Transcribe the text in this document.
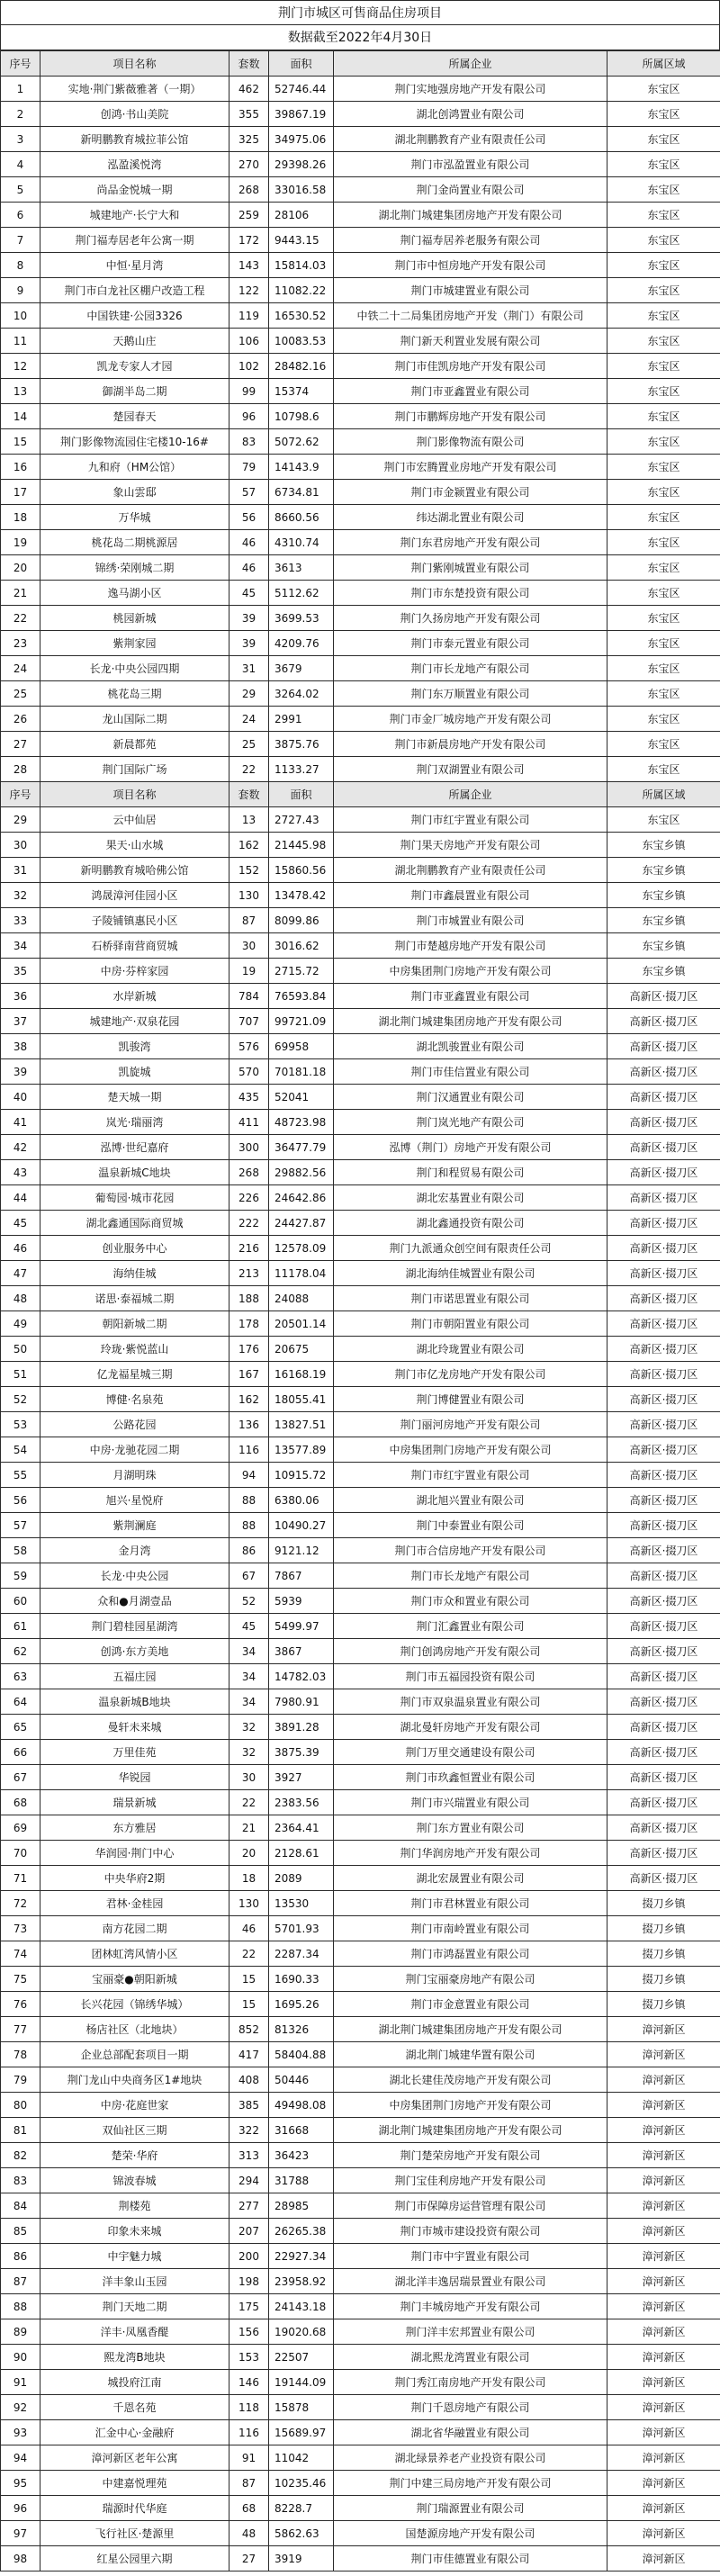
荆门市城区可售商品住房项目
数据截至2022年4月30日
序号	项目名称	套数	面积	所属企业	所属区域
1	实地·荆门紫薇雅著（一期）	462	52746.44	荆门实地强房地产开发有限公司	东宝区
2	创鸿·书山美院	355	39867.19	湖北创鸿置业有限公司	东宝区
3	新明鹏教育城拉菲公馆	325	34975.06	湖北荆鹏教育产业有限责任公司	东宝区
4	泓盈溪悦湾	270	29398.26	荆门市泓盈置业有限公司	东宝区
5	尚品金悦城一期	268	33016.58	荆门金尚置业有限公司	东宝区
6	城建地产·长宁大和	259	28106	湖北荆门城建集团房地产开发有限公司	东宝区
7	荆门福寿居老年公寓一期	172	9443.15	荆门福寿居养老服务有限公司	东宝区
8	中恒·星月湾	143	15814.03	荆门市中恒房地产开发有限公司	东宝区
9	荆门市白龙社区棚户改造工程	122	11082.22	荆门市城建置业有限公司	东宝区
10	中国铁建·公园3326	119	16530.52	中铁二十二局集团房地产开发（荆门）有限公司	东宝区
11	天鹅山庄	106	10083.53	荆门新天利置业发展有限公司	东宝区
12	凯龙专家人才园	102	28482.16	荆门市佳凯房地产开发有限公司	东宝区
13	御湖半岛二期	99	15374	荆门市亚鑫置业有限公司	东宝区
14	楚园春天	96	10798.6	荆门市鹏辉房地产开发有限公司	东宝区
15	荆门影像物流园住宅楼10-16#	83	5072.62	荆门影像物流有限公司	东宝区
16	九和府（HM公馆）	79	14143.9	荆门市宏腾置业房地产开发有限公司	东宝区
17	象山雲邸	57	6734.81	荆门市金颍置业有限公司	东宝区
18	万华城	56	8660.56	纬达湖北置业有限公司	东宝区
19	桃花岛二期桃源居	46	4310.74	荆门东君房地产开发有限公司	东宝区
20	锦绣·荣刚城二期	46	3613	荆门紫刚城置业有限公司	东宝区
21	逸马湖小区	45	5112.62	荆门市东楚投资有限公司	东宝区
22	桃园新城	39	3699.53	荆门久扬房地产开发有限公司	东宝区
23	紫荆家园	39	4209.76	荆门市泰元置业有限公司	东宝区
24	长龙·中央公园四期	31	3679	荆门市长龙地产有限公司	东宝区
25	桃花岛三期	29	3264.02	荆门东万顺置业有限公司	东宝区
26	龙山国际二期	24	2991	荆门市金厂城房地产开发有限公司	东宝区
27	新晨都苑	25	3875.76	荆门市新晨房地产开发有限公司	东宝区
28	荆门国际广场	22	1133.27	荆门双湖置业有限公司	东宝区
序号	项目名称	套数	面积	所属企业	所属区域
29	云中仙居	13	2727.43	荆门市红宇置业有限公司	东宝区
30	果天·山水城	162	21445.98	荆门果天房地产开发有限公司	东宝乡镇
31	新明鹏教育城哈佛公馆	152	15860.56	湖北荆鹏教育产业有限责任公司	东宝乡镇
32	鸿晟漳河佳园小区	130	13478.42	荆门市鑫晨置业有限公司	东宝乡镇
33	子陵铺镇惠民小区	87	8099.86	荆门市城置业有限公司	东宝乡镇
34	石桥驿南营商贸城	30	3016.62	荆门市楚越房地产开发有限公司	东宝乡镇
35	中房·芬梓家园	19	2715.72	中房集团荆门房地产开发有限公司	东宝乡镇
36	水岸新城	784	76593.84	荆门市亚鑫置业有限公司	高新区·掇刀区
37	城建地产·双泉花园	707	99721.09	湖北荆门城建集团房地产开发有限公司	高新区·掇刀区
38	凯骏湾	576	69958	湖北凯骏置业有限公司	高新区·掇刀区
39	凯旋城	570	70181.18	荆门市佳信置业有限公司	高新区·掇刀区
40	楚天城一期	435	52041	荆门汉通置业有限公司	高新区·掇刀区
41	岚光·瑞丽湾	411	48723.98	荆门岚光地产有限公司	高新区·掇刀区
42	泓博·世纪嘉府	300	36477.79	泓博（荆门）房地产开发有限公司	高新区·掇刀区
43	温泉新城C地块	268	29882.56	荆门和程贸易有限公司	高新区·掇刀区
44	葡萄园·城市花园	226	24642.86	湖北宏基置业有限公司	高新区·掇刀区
45	湖北鑫通国际商贸城	222	24427.87	湖北鑫通投资有限公司	高新区·掇刀区
46	创业服务中心	216	12578.09	荆门九派通众创空间有限责任公司	高新区·掇刀区
47	海纳佳城	213	11178.04	湖北海纳佳城置业有限公司	高新区·掇刀区
48	诺思·泰福城二期	188	24088	荆门市诺思置业有限公司	高新区·掇刀区
49	朝阳新城二期	178	20501.14	荆门市朝阳置业有限公司	高新区·掇刀区
50	玲珑·紫悦蓝山	176	20675	湖北玲珑置业有限公司	高新区·掇刀区
51	亿龙福星城三期	167	16168.19	荆门市亿龙房地产开发有限公司	高新区·掇刀区
52	博健·名泉苑	162	18055.41	荆门博健置业有限公司	高新区·掇刀区
53	公路花园	136	13827.51	荆门丽河房地产开发有限公司	高新区·掇刀区
54	中房·龙驰花园二期	116	13577.89	中房集团荆门房地产开发有限公司	高新区·掇刀区
55	月湖明珠	94	10915.72	荆门市红宇置业有限公司	高新区·掇刀区
56	旭兴·星悦府	88	6380.06	湖北旭兴置业有限公司	高新区·掇刀区
57	紫荆澜庭	88	10490.27	荆门中泰置业有限公司	高新区·掇刀区
58	金月湾	86	9121.12	荆门市合信房地产开发有限公司	高新区·掇刀区
59	长龙·中央公园	67	7867	荆门市长龙地产有限公司	高新区·掇刀区
60	众和●月湖壹品	52	5939	荆门市众和置业有限公司	高新区·掇刀区
61	荆门碧桂园星湖湾	45	5499.97	荆门汇鑫置业有限公司	高新区·掇刀区
62	创鸿·东方美地	34	3867	荆门创鸿房地产开发有限公司	高新区·掇刀区
63	五福庄园	34	14782.03	荆门市五福园投资有限公司	高新区·掇刀区
64	温泉新城B地块	34	7980.91	荆门市双泉温泉置业有限公司	高新区·掇刀区
65	曼轩未来城	32	3891.28	湖北曼轩房地产开发有限公司	高新区·掇刀区
66	万里佳苑	32	3875.39	荆门万里交通建设有限公司	高新区·掇刀区
67	华锐园	30	3927	荆门市玖鑫恒置业有限公司	高新区·掇刀区
68	瑞景新城	22	2383.56	荆门市兴瑞置业有限公司	高新区·掇刀区
69	东方雅居	21	2364.41	荆门东方置业有限公司	高新区·掇刀区
70	华润园·荆门中心	20	2128.61	荆门华润房地产开发有限公司	高新区·掇刀区
71	中央华府2期	18	2089	湖北宏晟置业有限公司	高新区·掇刀区
72	君林·金桂园	130	13530	荆门市君林置业有限公司	掇刀乡镇
73	南方花园二期	46	5701.93	荆门市南岭置业有限公司	掇刀乡镇
74	团林虹湾风情小区	22	2287.34	荆门市鸿磊置业有限公司	掇刀乡镇
75	宝丽豪●朝阳新城	15	1690.33	荆门宝丽豪房地产有限公司	掇刀乡镇
76	长兴花园（锦绣华城）	15	1695.26	荆门市金意置业有限公司	掇刀乡镇
77	杨店社区（北地块）	852	81326	湖北荆门城建集团房地产开发有限公司	漳河新区
78	企业总部配套项目一期	417	58404.88	湖北荆门城建华置有限公司	漳河新区
79	荆门龙山中央商务区1#地块	408	50446	湖北长建佳茂房地产开发有限公司	漳河新区
80	中房·花庭世家	385	49498.08	中房集团荆门房地产开发有限公司	漳河新区
81	双仙社区三期	322	31668	湖北荆门城建集团房地产开发有限公司	漳河新区
82	楚荣·华府	313	36423	荆门楚荣房地产开发有限公司	漳河新区
83	锦波春城	294	31788	荆门宝佳利房地产开发有限公司	漳河新区
84	荆楼苑	277	28985	荆门市保障房运营管理有限公司	漳河新区
85	印象未来城	207	26265.38	荆门市城市建设投资有限公司	漳河新区
86	中宇魅力城	200	22927.34	荆门市中宇置业有限公司	漳河新区
87	洋丰象山玉园	198	23958.92	湖北洋丰逸居瑞景置业有限公司	漳河新区
88	荆门天地二期	175	24143.18	荆门丰城房地产开发有限公司	漳河新区
89	洋丰·凤凰香醍	156	19020.68	荆门洋丰宏邦置业有限公司	漳河新区
90	熙龙湾B地块	153	22507	湖北熙龙湾置业有限公司	漳河新区
91	城投府江南	146	19144.09	荆门秀江南房地产开发有限公司	漳河新区
92	千恩名苑	118	15878	荆门千恩房地产有限公司	漳河新区
93	汇金中心·金融府	116	15689.97	湖北省华融置业有限公司	漳河新区
94	漳河新区老年公寓	91	11042	湖北绿景养老产业投资有限公司	漳河新区
95	中建嘉悦理苑	87	10235.46	荆门中建三局房地产开发有限公司	漳河新区
96	瑞源时代华庭	68	8228.7	荆门瑞源置业有限公司	漳河新区
97	飞行社区·楚源里	48	5862.63	国楚源房地产开发有限公司	漳河新区
98	红星公园里六期	27	3919	荆门市佳德置业有限公司	漳河新区
